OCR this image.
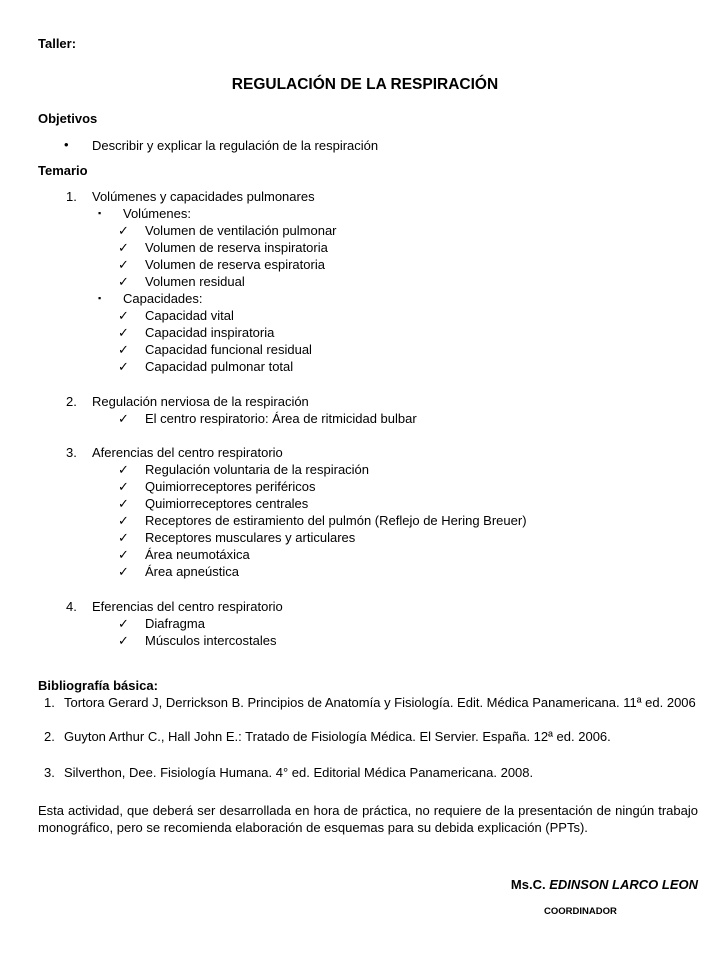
Taller:
REGULACIÓN DE LA RESPIRACIÓN
Objetivos
• Describir y explicar la regulación de la respiración
Temario
1. Volúmenes y capacidades pulmonares
▪ Volúmenes:
✓ Volumen de ventilación pulmonar
✓ Volumen de reserva inspiratoria
✓ Volumen de reserva espiratoria
✓ Volumen residual
▪ Capacidades:
✓ Capacidad vital
✓ Capacidad inspiratoria
✓ Capacidad funcional residual
✓ Capacidad pulmonar total
2. Regulación nerviosa de la respiración
✓ El centro respiratorio: Área de ritmicidad bulbar
3. Aferencias del centro respiratorio
✓ Regulación voluntaria de la respiración
✓ Quimiorreceptores periféricos
✓ Quimiorreceptores centrales
✓ Receptores de estiramiento del pulmón (Reflejo de Hering Breuer)
✓ Receptores musculares y articulares
✓ Área neumotáxica
✓ Área apneústica
4. Eferencias del centro respiratorio
✓ Diafragma
✓ Músculos intercostales
Bibliografía básica:
1. Tortora Gerard J, Derrickson B. Principios de Anatomía y Fisiología. Edit. Médica Panamericana. 11ª ed. 2006
2. Guyton Arthur C., Hall John E.: Tratado de Fisiología Médica. El Servier. España. 12ª ed. 2006.
3. Silverthon, Dee. Fisiología Humana. 4° ed. Editorial Médica Panamericana. 2008.
Esta actividad, que deberá ser desarrollada en hora de práctica, no requiere de la presentación de ningún trabajo monográfico, pero se recomienda elaboración de esquemas para su debida explicación (PPTs).
Ms.C. EDINSON LARCO LEON
COORDINADOR
